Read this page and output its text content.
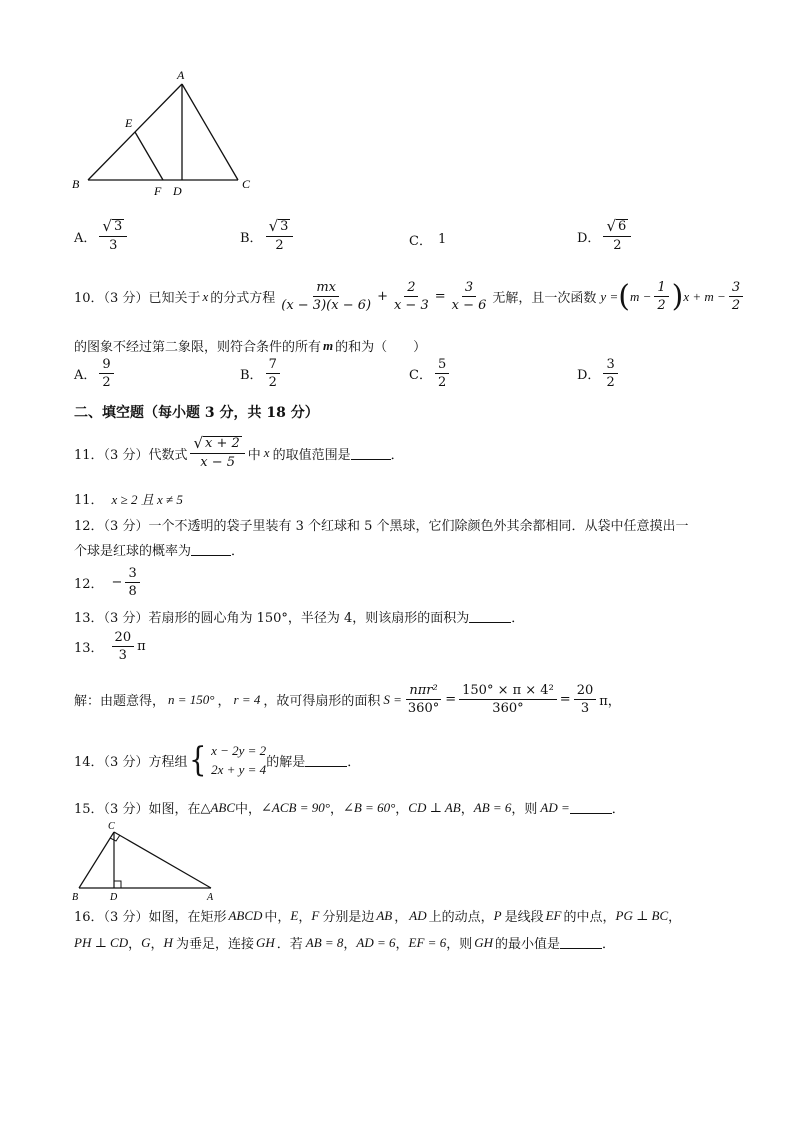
A
E
B	F D	C
A． $\frac{√ 3}{3}$	B． $\frac{√ 3}{2}$	C． 1	D． $\frac{√ 6}{2}$
10．（3 分）已知关于 x 的分式方程 $\frac{mx}{(x - 3)(x - 6)} + \frac{2}{x - 3} = \frac{3}{x - 6}$ 无解，且一次函数 y = ( $m - \frac{1}{2}$ ) $x + m - \frac{3}{2}$
的图象不经过第二象限，则符合条件的所有 m 的和为（　　）
A． $\frac{9}{2}$	B． $\frac{7}{2}$	C． $\frac{5}{2}$	D． $\frac{3}{2}$
二、填空题（每小题 3 分，共 18 分）
11．（3 分）代数式 $\frac{√ x + 2}{x - 5}$ 中 x 的取值范围是	．
11． x ≥ 2 且 x ≠ 5
12．（3 分）一个不透明的袋子里装有 3 个红球和 5 个黑球，它们除颜色外其余都相同．从袋中任意摸出一
个球是红球的概率为	．
12． − $\frac{3}{8}$
13．（3 分）若扇形的圆心角为 150°，半径为 4，则该扇形的面积为	．
13． $\frac{20}{3}$ π
解：由题意得， n = 150° ， r = 4 ，故可得扇形的面积 $S = \frac{\text{nπr²}}{360^\circ} = \frac{\text{150° × π × 4²}}{360^\circ} = \frac{20}{3}$ π，
14．（3 分）方程组 { x − 2y = 2
2x + y = 4 的解是	．
15．（3 分）如图，在 △ABC 中， ∠ACB = 90° ， ∠B = 60° ， CD ⊥ AB ， AB = 6 ，则 AD =	．
C
B	D	A
16．（3 分）如图，在矩形 ABCD 中， E ， F 分别是边 AB ， AD 上的动点， P 是线段 EF 的中点， PG ⊥ BC ，
PH ⊥ CD ， G ， H 为垂足，连接 GH ．若 AB = 8 ， AD = 6 ， EF = 6 ，则 GH 的最小值是	．
